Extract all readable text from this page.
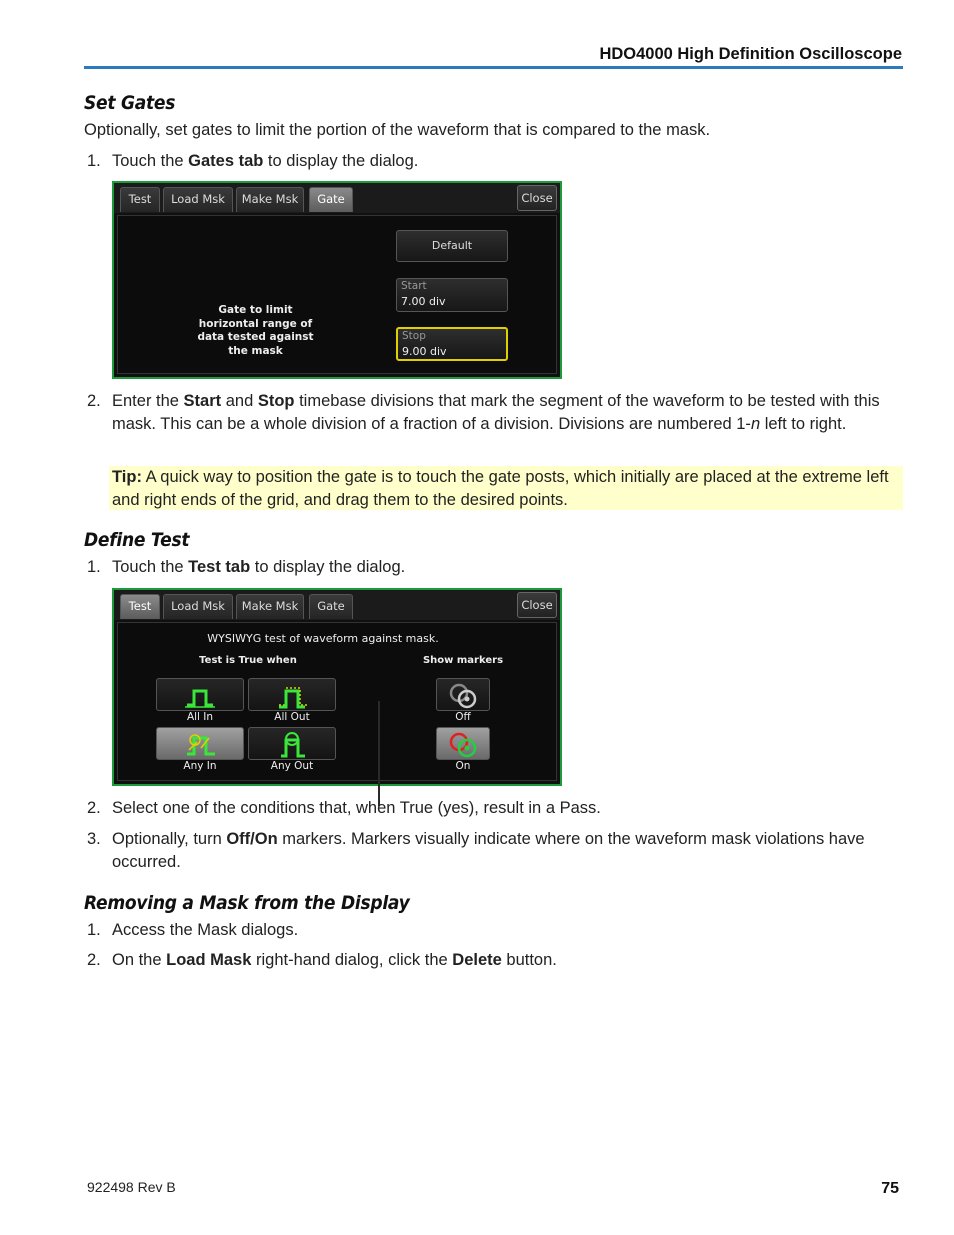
HDO4000 High Definition Oscilloscope
Set Gates
Optionally, set gates to limit the portion of the waveform that is compared to the mask.
1. Touch the Gates tab to display the dialog.
Test	Load Msk	Make Msk	Gate	Close
Gate to limit horizontal range of data tested against the mask
Default
Start
7.00 div
Stop
9.00 div
2. Enter the Start and Stop timebase divisions that mark the segment of the waveform to be tested with this mask. This can be a whole division of a fraction of a division. Divisions are numbered 1-n left to right.
Tip: A quick way to position the gate is to touch the gate posts, which initially are placed at the extreme left and right ends of the grid, and drag them to the desired points.
Define Test
1. Touch the Test tab to display the dialog.
Test	Load Msk	Make Msk	Gate	Close
WYSIWYG test of waveform against mask.
Test is True when	Show markers
All In	All Out
Any In	Any Out
Off
On
2. Select one of the conditions that, when True (yes), result in a Pass.
3. Optionally, turn Off/On markers. Markers visually indicate where on the waveform mask violations have occurred.
Removing a Mask from the Display
1. Access the Mask dialogs.
2. On the Load Mask right-hand dialog, click the Delete button.
922498 Rev B	75
